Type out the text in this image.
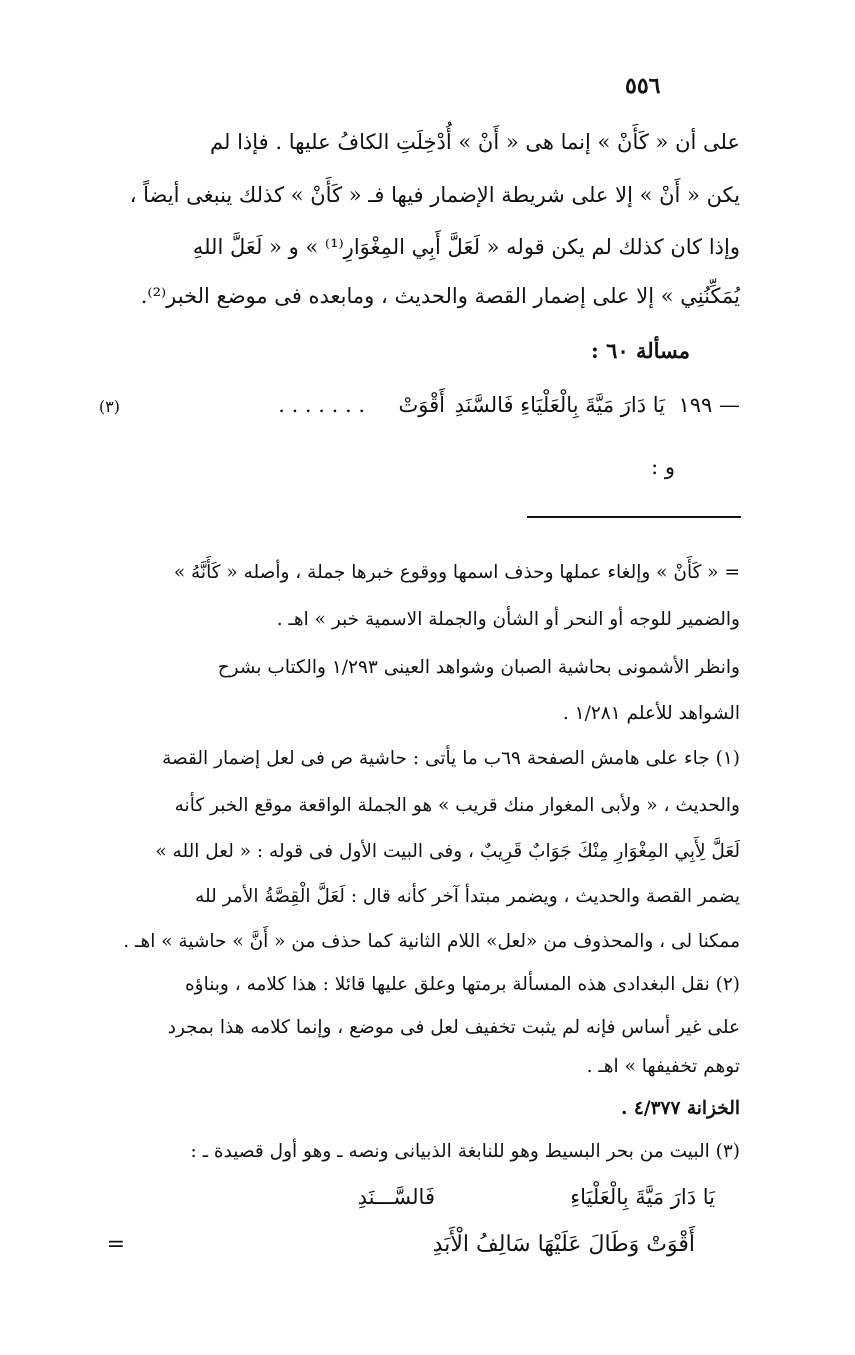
٥٥٦
على أن « كَأَنْ » إنما هى « أَنْ » أُدْخِلَتِ الكافُ عليها . فإذا لم
يكن « أَنْ » إلا على شريطة الإضمار فيها فـ « كَأَنْ » كذلك ينبغى أيضاً ،
وإذا كان كذلك لم يكن قوله « لَعَلَّ أَبِي المِغْوَارِ⁽¹⁾ » و « لَعَلَّ اللهِ
يُمَكِّنُنِي » إلا على إضمار القصة والحديث ، ومابعده فى موضع الخبر⁽²⁾.
مسألة ٦٠ :
١٩٩ —
يَا دَارَ مَيَّةَ بِالْعَلْيَاءِ فَالسَّنَدِ
أَقْوَتْ
. . . . . . .
(٣)
و :
= « كَأَنْ » وإلغاء عملها وحذف اسمها ووقوع خبرها جملة ، وأصله « كَأَنَّهُ »
والضمير للوجه أو النحر أو الشأن والجملة الاسمية خبر » اهـ .
وانظر الأشمونى بحاشية الصبان وشواهد العينى ١/٢٩٣ والكتاب بشرح
الشواهد للأعلم ١/٢٨١ .
(١) جاء على هامش الصفحة ٦٩ب ما يأتى : حاشية ص فى لعل إضمار القصة
والحديث ، « ولأبى المغوار منك قريب » هو الجملة الواقعة موقع الخبر كأنه
لَعَلَّ لِأَبِي المِغْوَارِ مِنْكَ جَوَابٌ قَرِيبٌ ، وفى البيت الأول فى قوله : « لعل الله »
يضمر القصة والحديث ، ويضمر مبتدأ آخر كأنه قال : لَعَلَّ الْقِصَّةُ الأمر لله
ممكنا لى ، والمحذوف من «لعل» اللام الثانية كما حذف من « أَنَّ » حاشية » اهـ .
(٢) نقل البغدادى هذه المسألة برمتها وعلق عليها قائلا : هذا كلامه ، وبناؤه
على غير أساس فإنه لم يثبت تخفيف لعل فى موضع ، وإنما كلامه هذا بمجرد
توهم تخفيفها » اهـ .
الخزانة ٤/٣٧٧ .
(٣) البيت من بحر البسيط وهو للنابغة الذبيانى ونصه ـ وهو أول قصيدة ـ :
يَا دَارَ مَيَّةَ بِالْعَلْيَاءِ
فَالسَّـــنَدِ
أَقْوَتْ وَطَالَ عَلَيْهَا سَالِفُ الْأَبَدِ
=
